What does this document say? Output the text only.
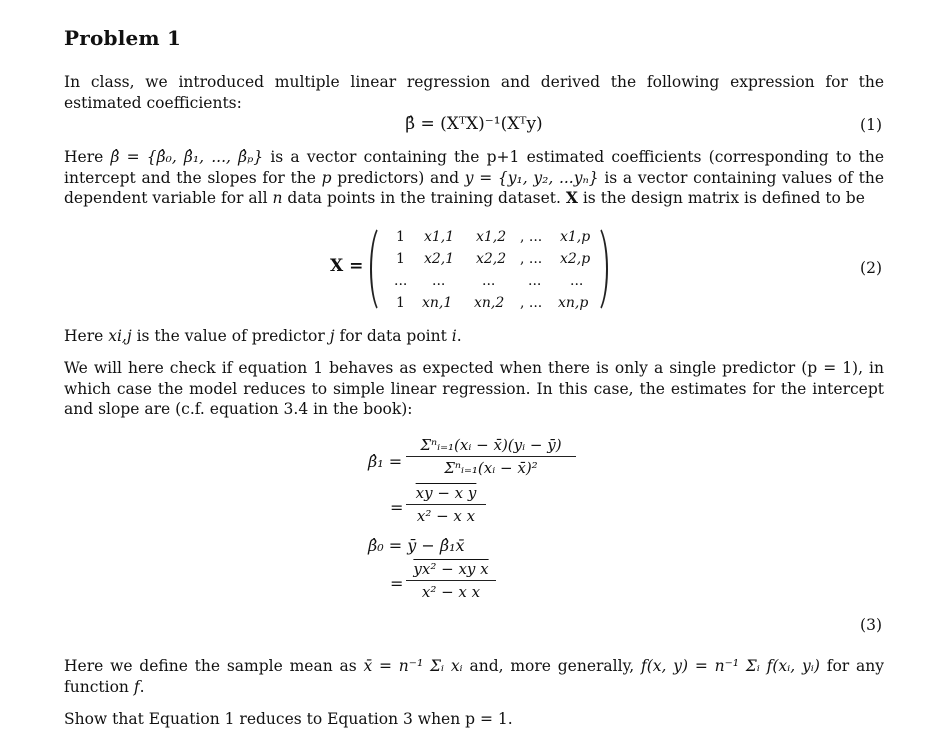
Problem 1
In class, we introduced multiple linear regression and derived the following expression for the estimated coefficients:
β̂ = (XᵀX)⁻¹(Xᵀy)	(1)
Here β̂ = {β̂₀, β̂₁, ..., β̂ₚ} is a vector containing the p+1 estimated coefficients (corresponding to the intercept and the slopes for the p predictors) and y = {y₁, y₂, ...yₙ} is a vector containing values of the dependent variable for all n data points in the training dataset. X is the design matrix is defined to be
X =
1 x1,1 x1,2 , ... x1,p
1 x2,1 x2,2 , ... x2,p
... ...	... ... ...
1 xn,1 xn,2 , ... xn,p
(2)
Here xi,j is the value of predictor j for data point i.
We will here check if equation 1 behaves as expected when there is only a single predictor (p = 1), in which case the model reduces to simple linear regression. In this case, the estimates for the intercept and slope are (c.f. equation 3.4 in the book):
β̂₁ =
Σⁿᵢ₌₁(xᵢ − x̄)(yᵢ − ȳ)
Σⁿᵢ₌₁(xᵢ − x̄)²
=
xy − x y
x² − x x
β̂₀ = ȳ − β̂₁x̄
=
yx² − xy x
x² − x x
(3)
Here we define the sample mean as x̄ = n⁻¹ Σᵢ xᵢ and, more generally, f(x, y) = n⁻¹ Σᵢ f(xᵢ, yᵢ) for any function f.
Show that Equation 1 reduces to Equation 3 when p = 1.
